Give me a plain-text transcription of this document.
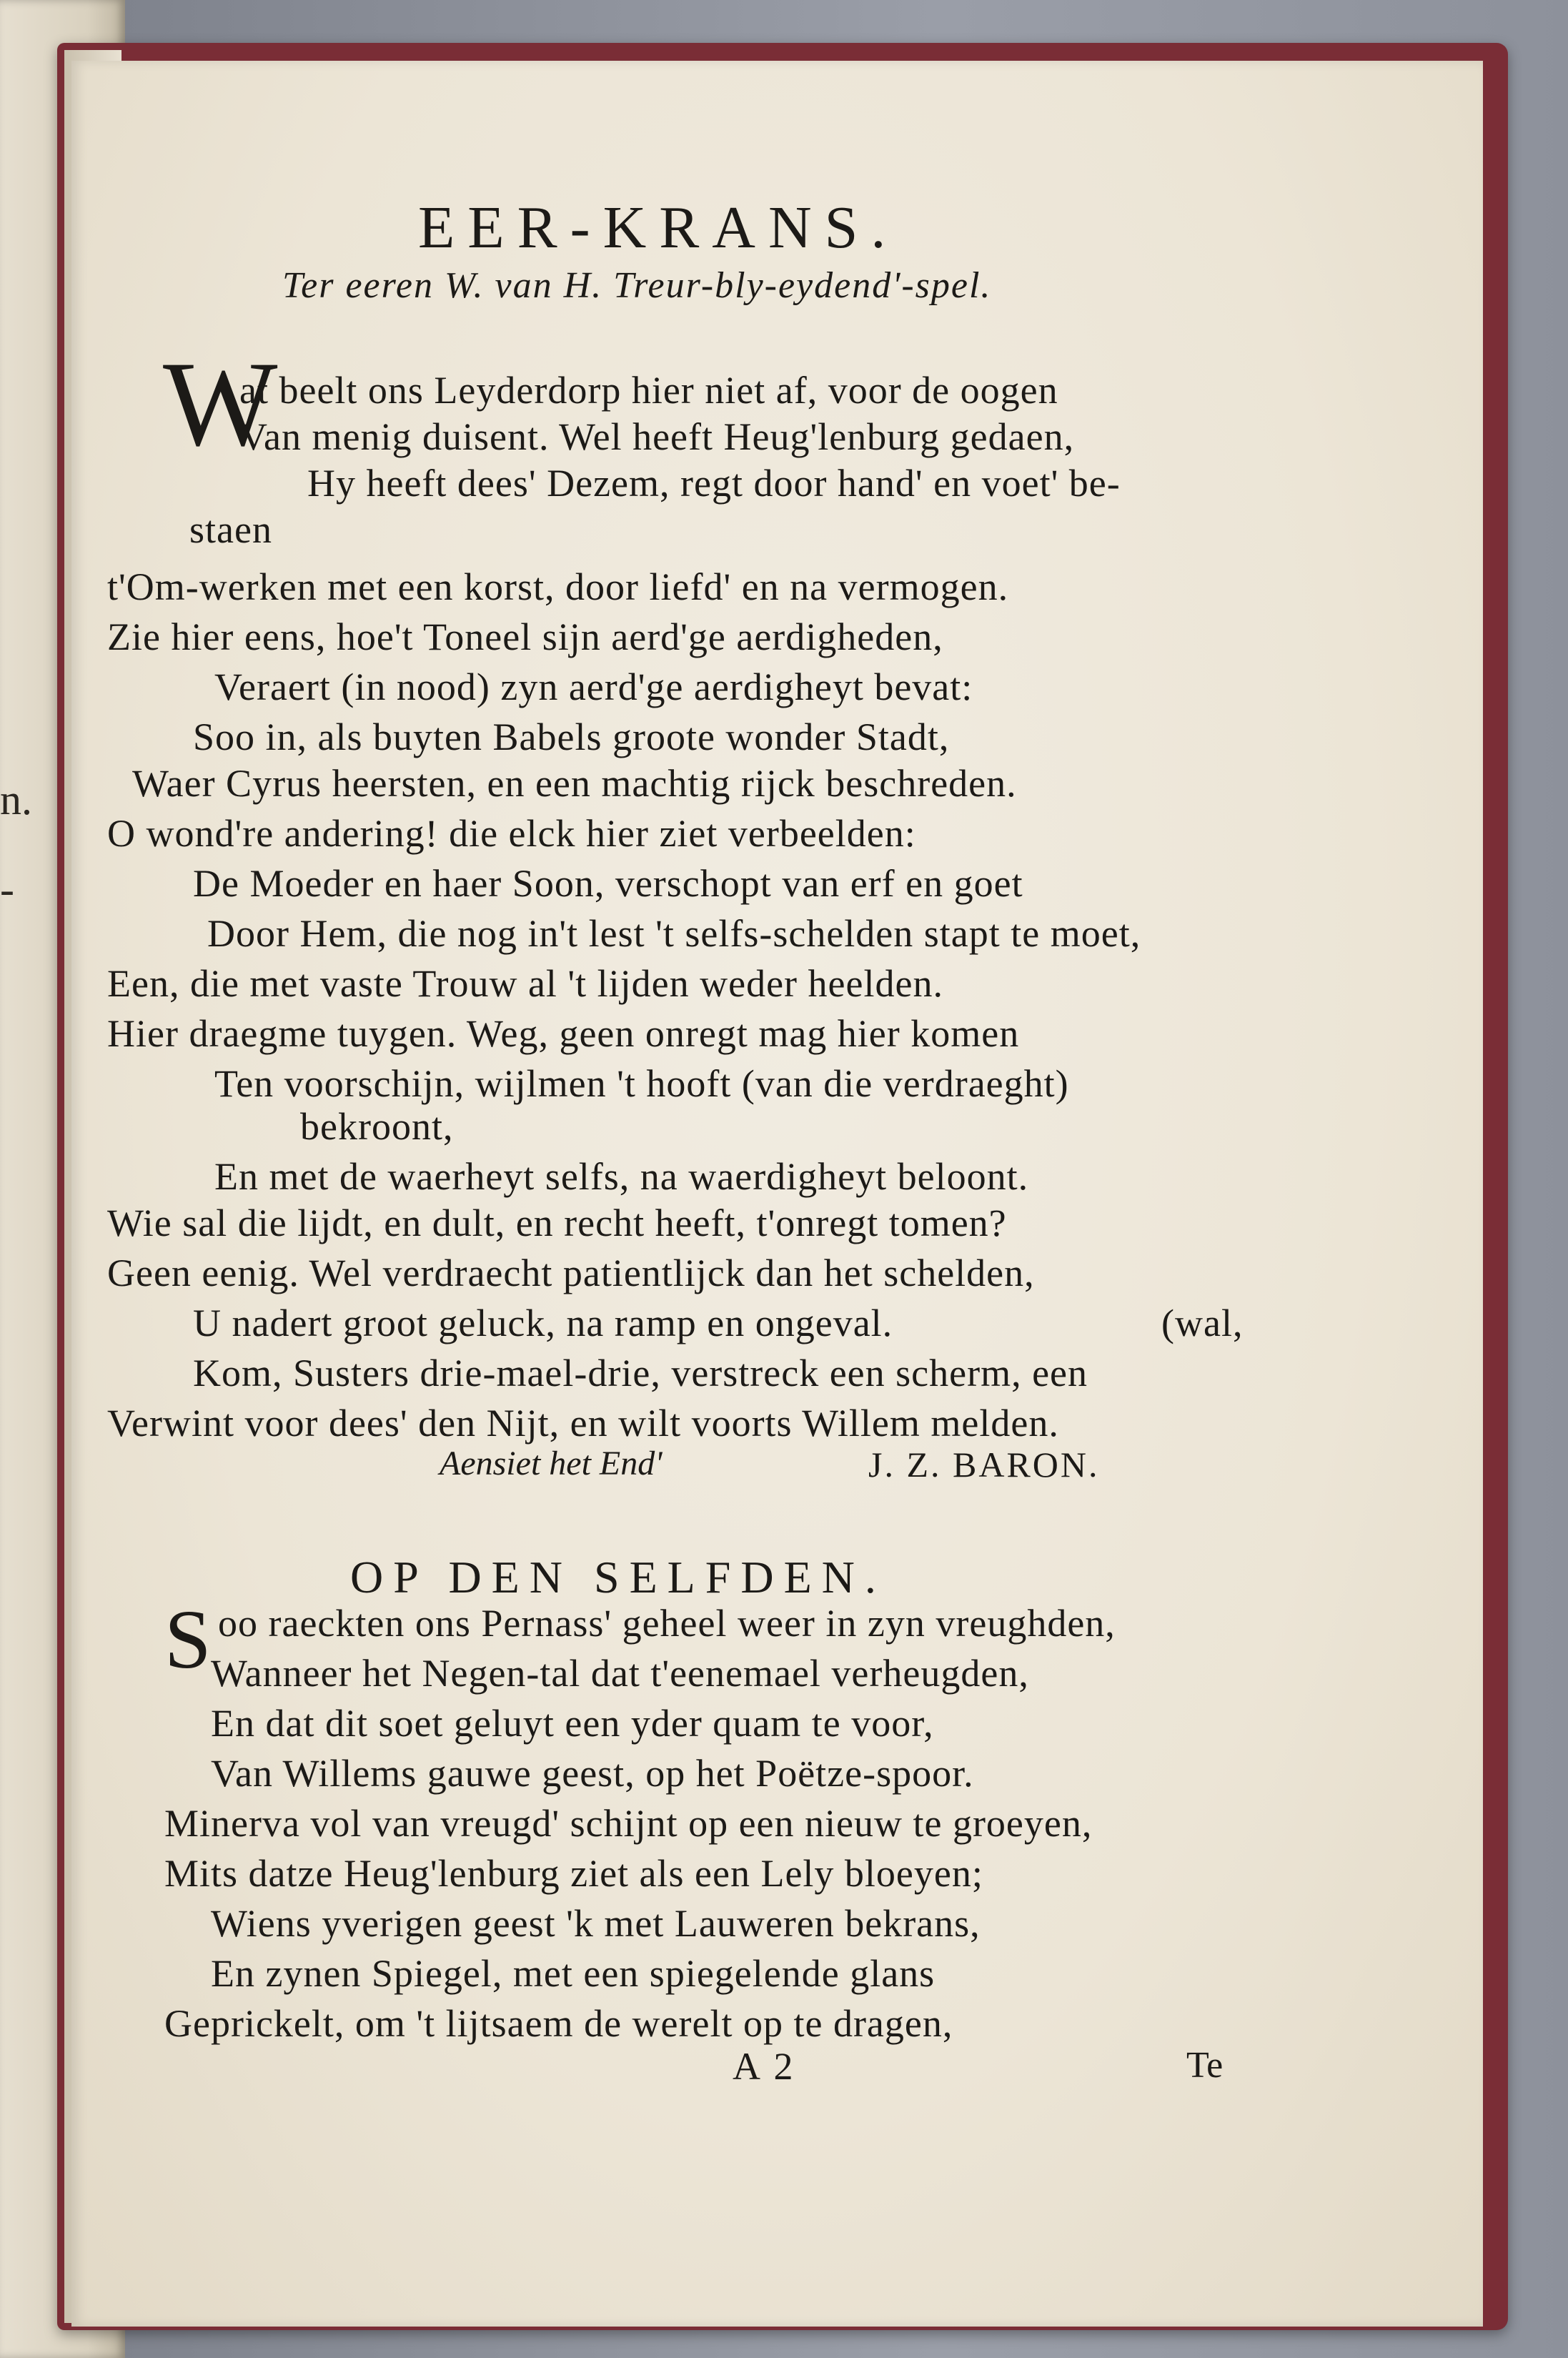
n.
-
EER-KRANS.
Ter eeren W. van H. Treur-bly-eydend'-spel.
W
at beelt ons Leyderdorp hier niet af, voor de oogen
Van menig duisent. Wel heeft Heug'lenburg gedaen,
Hy heeft dees' Dezem, regt door hand' en voet' be-
staen
t'Om-werken met een korst, door liefd' en na vermogen.
Zie hier eens, hoe't Toneel sijn aerd'ge aerdigheden,
Veraert (in nood) zyn aerd'ge aerdigheyt bevat:
Soo in, als buyten Babels groote wonder Stadt,
Waer Cyrus heersten, en een machtig rijck beschreden.
O wond're andering! die elck hier ziet verbeelden:
De Moeder en haer Soon, verschopt van erf en goet
Door Hem, die nog in't lest 't selfs-schelden stapt te moet,
Een, die met vaste Trouw al 't lijden weder heelden.
Hier draegme tuygen. Weg, geen onregt mag hier komen
Ten voorschijn, wijlmen 't hooft (van die verdraeght)
bekroont,
En met de waerheyt selfs, na waerdigheyt beloont.
Wie sal die lijdt, en dult, en recht heeft, t'onregt tomen?
Geen eenig. Wel verdraecht patientlijck dan het schelden,
U nadert groot geluck, na ramp en ongeval.	(wal,
Kom, Susters drie-mael-drie, verstreck een scherm, een
Verwint voor dees' den Nijt, en wilt voorts Willem melden.
Aensiet het End'	J. Z. BARON.
OP DEN SELFDEN.
S oo raeckten ons Pernass' geheel weer in zyn vreughden,
Wanneer het Negen-tal dat t'eenemael verheugden,
En dat dit soet geluyt een yder quam te voor,
Van Willems gauwe geest, op het Poëtze-spoor.
Minerva vol van vreugd' schijnt op een nieuw te groeyen,
Mits datze Heug'lenburg ziet als een Lely bloeyen;
Wiens yverigen geest 'k met Lauweren bekrans,
En zynen Spiegel, met een spiegelende glans
Geprickelt, om 't lijtsaem de werelt op te dragen,
A 2	Te
